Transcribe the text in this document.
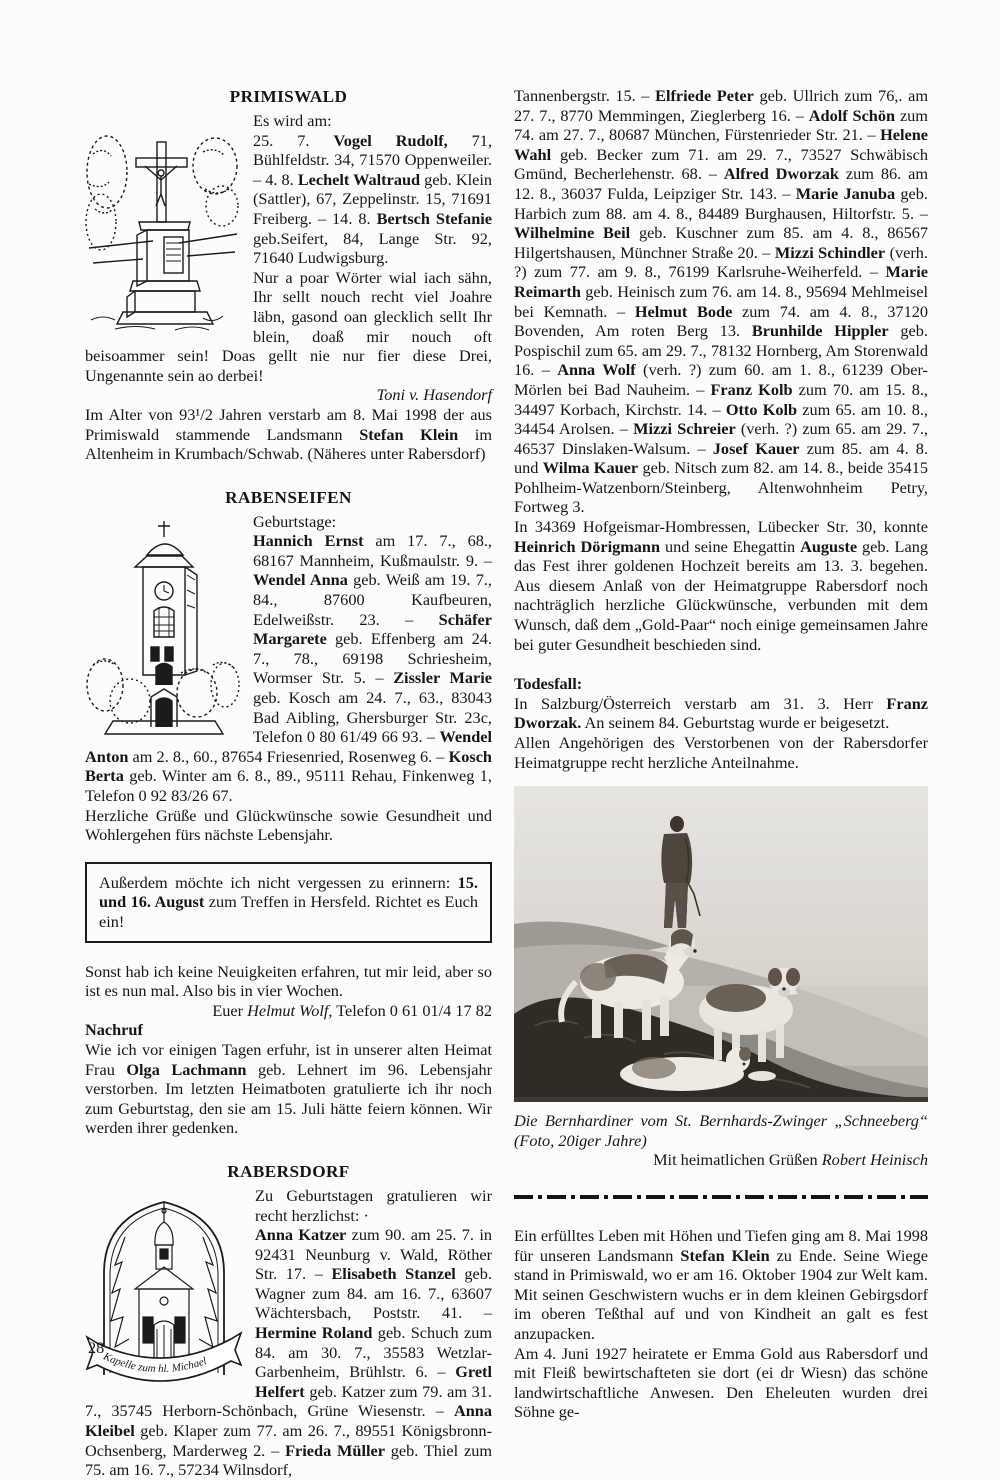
PRIMISWALD
Es wird am:

25. 7. Vogel Rudolf, 71, Bühlfeldstr. 34, 71570 Oppenweiler. – 4. 8. Lechelt Waltraud geb. Klein (Sattler), 67, Zeppelinstr. 15, 71691 Freiberg. – 14. 8. Bertsch Stefanie geb.Seifert, 84, Lange Str. 92, 71640 Ludwigsburg.

Nur a poar Wörter wial iach sähn, Ihr sellt nouch recht viel Joahre läbn, gasond oan glecklich sellt Ihr blein, doaß mir nouch oft beisoammer sein! Doas gellt nie nur fier diese Drei, Ungenannte sein ao derbei!

Toni v. Hasendorf

Im Alter von 93¹/2 Jahren verstarb am 8. Mai 1998 der aus Primiswald stammende Landsmann Stefan Klein im Altenheim in Krumbach/Schwab. (Näheres unter Rabersdorf)

RABENSEIFEN
Geburtstage:

Hannich Ernst am 17. 7., 68., 68167 Mannheim, Kußmaulstr. 9. – Wendel Anna geb. Weiß am 19. 7., 84., 87600 Kaufbeuren, Edelweißstr. 23. – Schäfer Margarete geb. Effenberg am 24. 7., 78., 69198 Schriesheim, Wormser Str. 5. – Zissler Marie geb. Kosch am 24. 7., 63., 83043 Bad Aibling, Ghersburger Str. 23c, Telefon 0 80 61/49 66 93. – Wendel Anton am 2. 8., 60., 87654 Friesenried, Rosenweg 6. – Kosch Berta geb. Winter am 6. 8., 89., 95111 Rehau, Finkenweg 1, Telefon 0 92 83/26 67.

Herzliche Grüße und Glückwünsche sowie Gesundheit und Wohlergehen fürs nächste Lebensjahr.

Außerdem möchte ich nicht vergessen zu erinnern: 15. und 16. August zum Treffen in Hersfeld. Richtet es Euch ein!

Sonst hab ich keine Neuigkeiten erfahren, tut mir leid, aber so ist es nun mal. Also bis in vier Wochen.

Euer Helmut Wolf, Telefon 0 61 01/4 17 82

Nachruf

Wie ich vor einigen Tagen erfuhr, ist in unserer alten Heimat Frau Olga Lachmann geb. Lehnert im 96. Lebensjahr verstorben. Im letzten Heimatboten gratulierte ich ihr noch zum Geburtstag, den sie am 15. Juli hätte feiern können. Wir werden ihrer gedenken.

RABERSDORF
Kapelle zum hl. Michael
Zu Geburtstagen gratulieren wir recht herzlichst: ·

Anna Katzer zum 90. am 25. 7. in 92431 Neunburg v. Wald, Röther Str. 17. – Elisabeth Stanzel geb. Wagner zum 84. am 16. 7., 63607 Wächtersbach, Poststr. 41. – Hermine Roland geb. Schuch zum 84. am 30. 7., 35583 Wetzlar-Garbenheim, Brühlstr. 6. – Gretl Helfert geb. Katzer zum 79. am 31. 7., 35745 Herborn-Schönbach, Grüne Wiesenstr. – Anna Kleibel geb. Klaper zum 77. am 26. 7., 89551 Königsbronn-Ochsenberg, Marderweg 2. – Frieda Müller geb. Thiel zum 75. am 16. 7., 57234 Wilnsdorf,

Tannenbergstr. 15. – Elfriede Peter geb. Ullrich zum 76,. am 27. 7., 8770 Memmingen, Zieglerberg 16. – Adolf Schön zum 74. am 27. 7., 80687 München, Fürstenrieder Str. 21. – Helene Wahl geb. Becker zum 71. am 29. 7., 73527 Schwäbisch Gmünd, Becherlehenstr. 68. – Alfred Dworzak zum 86. am 12. 8., 36037 Fulda, Leipziger Str. 143. – Marie Januba geb. Harbich zum 88. am 4. 8., 84489 Burghausen, Hiltorfstr. 5. – Wilhelmine Beil geb. Kuschner zum 85. am 4. 8., 86567 Hilgertshausen, Münchner Straße 20. – Mizzi Schindler (verh. ?) zum 77. am 9. 8., 76199 Karlsruhe-Weiherfeld. – Marie Reimarth geb. Heinisch zum 76. am 14. 8., 95694 Mehlmeisel bei Kemnath. – Helmut Bode zum 74. am 4. 8., 37120 Bovenden, Am roten Berg 13. Brunhilde Hippler geb. Pospischil zum 65. am 29. 7., 78132 Hornberg, Am Storenwald 16. – Anna Wolf (verh. ?) zum 60. am 1. 8., 61239 Ober-Mörlen bei Bad Nauheim. – Franz Kolb zum 70. am 15. 8., 34497 Korbach, Kirchstr. 14. – Otto Kolb zum 65. am 10. 8., 34454 Arolsen. – Mizzi Schreier (verh. ?) zum 65. am 29. 7., 46537 Dinslaken-Walsum. – Josef Kauer zum 85. am 4. 8. und Wilma Kauer geb. Nitsch zum 82. am 14. 8., beide 35415 Pohlheim-Watzenborn/Steinberg, Altenwohnheim Petry, Fortweg 3.

In 34369 Hofgeismar-Hombressen, Lübecker Str. 30, konnte Heinrich Dörigmann und seine Ehegattin Auguste geb. Lang das Fest ihrer goldenen Hochzeit bereits am 13. 3. begehen. Aus diesem Anlaß von der Heimatgruppe Rabersdorf noch nachträglich herzliche Glückwünsche, verbunden mit dem Wunsch, daß dem „Gold-Paar“ noch einige gemeinsamen Jahre bei guter Gesundheit beschieden sind.

Todesfall:

In Salzburg/Österreich verstarb am 31. 3. Herr Franz Dworzak. An seinem 84. Geburtstag wurde er beigesetzt.

Allen Angehörigen des Verstorbenen von der Rabersdorfer Heimatgruppe recht herzliche Anteilnahme.

Die Bernhardiner vom St. Bernhards-Zwinger „Schneeberg“ (Foto, 20iger Jahre)

Mit heimatlichen Grüßen Robert Heinisch

Ein erfülltes Leben mit Höhen und Tiefen ging am 8. Mai 1998 für unseren Landsmann Stefan Klein zu Ende. Seine Wiege stand in Primiswald, wo er am 16. Oktober 1904 zur Welt kam. Mit seinen Geschwistern wuchs er in dem kleinen Gebirgsdorf im oberen Teßthal auf und von Kindheit an galt es fest anzupacken.

Am 4. Juni 1927 heiratete er Emma Gold aus Rabersdorf und mit Fleiß bewirtschafteten sie dort (ei dr Wiesn) das schöne landwirtschaftliche Anwesen. Den Eheleuten wurden drei Söhne ge-

28
